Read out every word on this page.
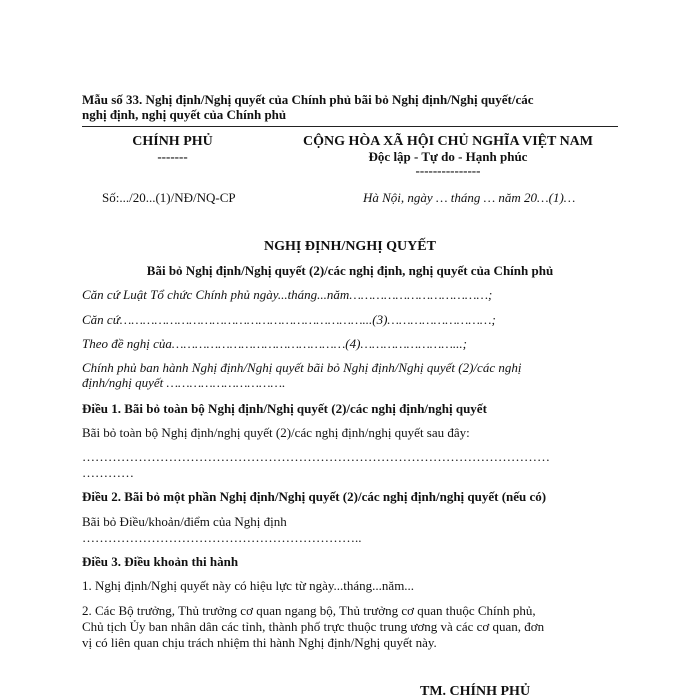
Mẫu số 33. Nghị định/Nghị quyết của Chính phủ bãi bỏ Nghị định/Nghị quyết/các
nghị định, nghị quyết của Chính phủ
CHÍNH PHỦ
-------
Số:.../20...(1)/NĐ/NQ-CP
CỘNG HÒA XÃ HỘI CHỦ NGHĨA VIỆT NAM
Độc lập - Tự do - Hạnh phúc
---------------
Hà Nội, ngày … tháng … năm 20…(1)…
NGHỊ ĐỊNH/NGHỊ QUYẾT
Bãi bỏ Nghị định/Nghị quyết (2)/các nghị định, nghị quyết của Chính phủ
Căn cứ Luật Tổ chức Chính phủ ngày...tháng...năm………………………………;
Căn cứ………………………………………………………...(3)………………………;
Theo đề nghị của………………………………………(4)……………………...;
Chính phủ ban hành Nghị định/Nghị quyết bãi bỏ Nghị định/Nghị quyết (2)/các nghị
định/nghị quyết ………………………….
Điều 1. Bãi bỏ toàn bộ Nghị định/Nghị quyết (2)/các nghị định/nghị quyết
Bãi bỏ toàn bộ Nghị định/nghị quyết (2)/các nghị định/nghị quyết sau đây:
………………………………………………………………………………………………
…………
Điều 2. Bãi bỏ một phần Nghị định/Nghị quyết (2)/các nghị định/nghị quyết (nếu có)
Bãi bỏ Điều/khoản/điểm của Nghị định
………………………………………………………..
Điều 3. Điều khoản thi hành
1. Nghị định/Nghị quyết này có hiệu lực từ ngày...tháng...năm...
2. Các Bộ trưởng, Thủ trưởng cơ quan ngang bộ, Thủ trưởng cơ quan thuộc Chính phủ,
Chủ tịch Ủy ban nhân dân các tỉnh, thành phố trực thuộc trung ương và các cơ quan, đơn
vị có liên quan chịu trách nhiệm thi hành Nghị định/Nghị quyết này.
TM. CHÍNH PHỦ
